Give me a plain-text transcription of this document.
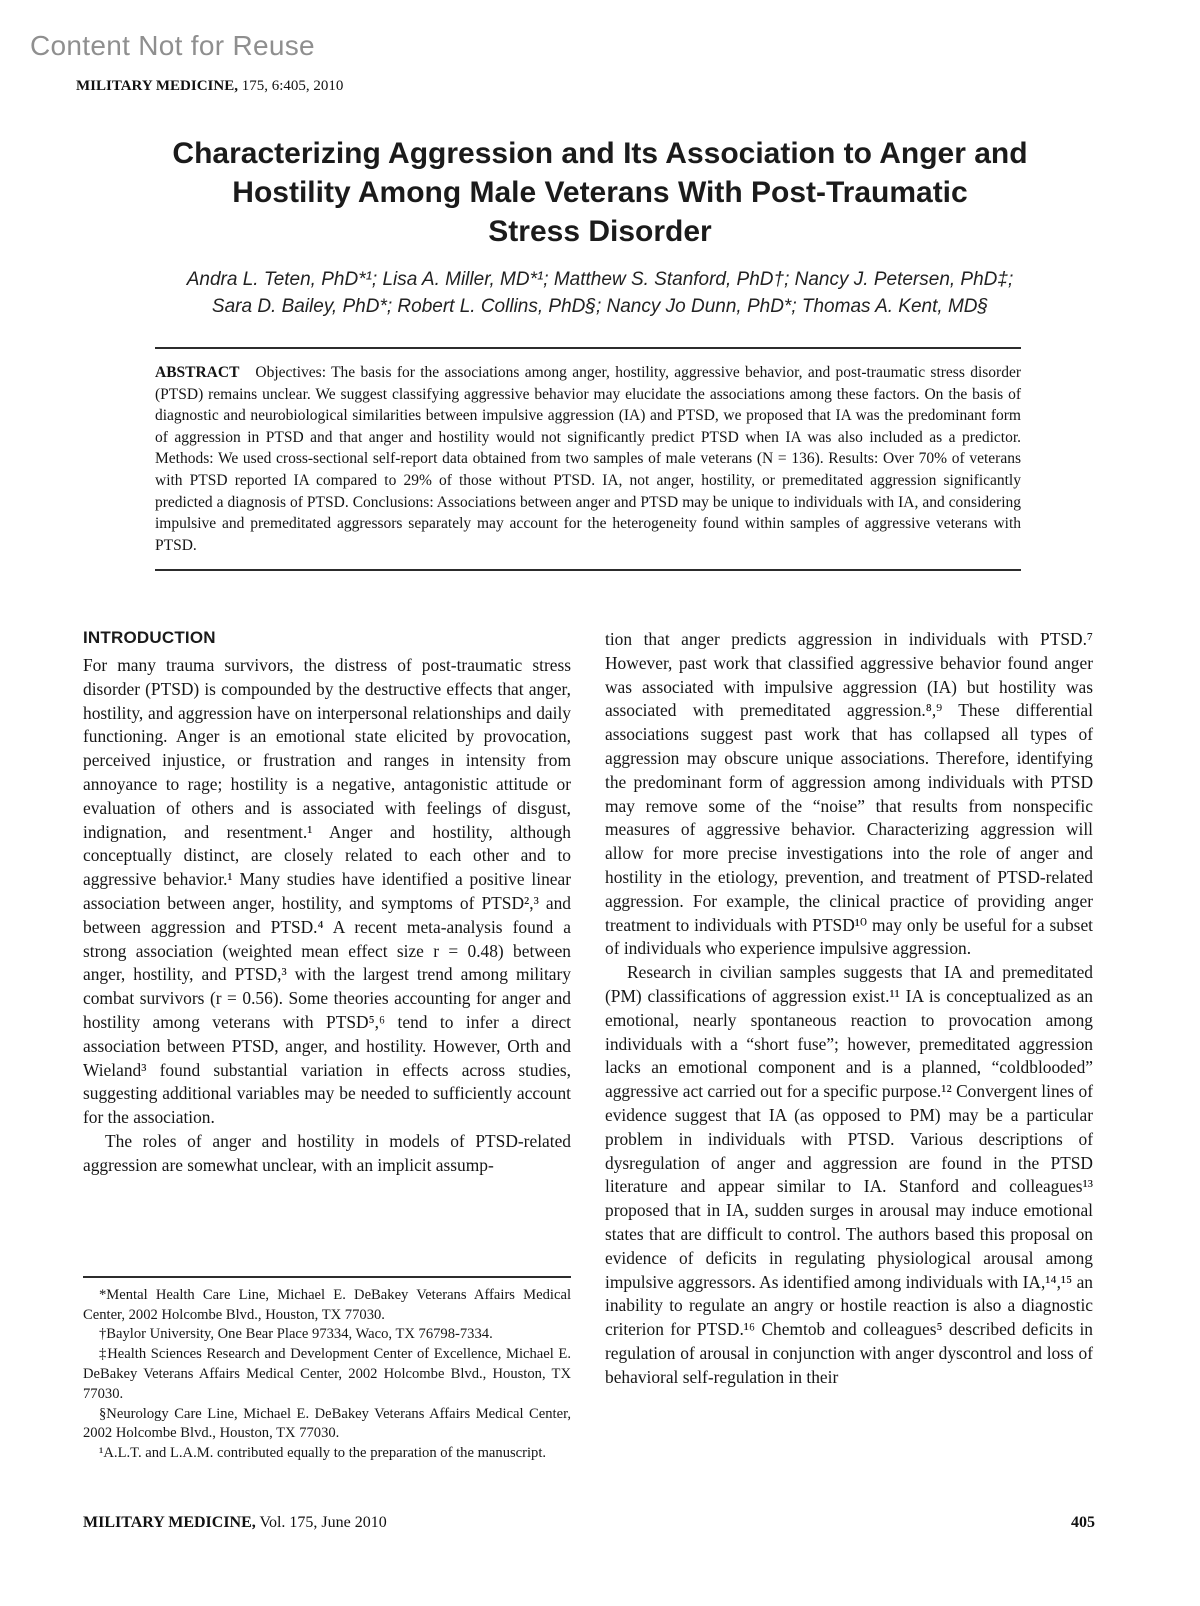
Content Not for Reuse
MILITARY MEDICINE, 175, 6:405, 2010
Characterizing Aggression and Its Association to Anger and
Hostility Among Male Veterans With Post-Traumatic
Stress Disorder
Andra L. Teten, PhD*¹; Lisa A. Miller, MD*¹; Matthew S. Stanford, PhD†; Nancy J. Petersen, PhD‡;
Sara D. Bailey, PhD*; Robert L. Collins, PhD§; Nancy Jo Dunn, PhD*; Thomas A. Kent, MD§

ABSTRACT Objectives: The basis for the associations among anger, hostility, aggressive behavior, and post-traumatic stress disorder (PTSD) remains unclear. We suggest classifying aggressive behavior may elucidate the associations among these factors. On the basis of diagnostic and neurobiological similarities between impulsive aggression (IA) and PTSD, we proposed that IA was the predominant form of aggression in PTSD and that anger and hostility would not significantly predict PTSD when IA was also included as a predictor. Methods: We used cross-sectional self-report data obtained from two samples of male veterans (N = 136). Results: Over 70% of veterans with PTSD reported IA compared to 29% of those without PTSD. IA, not anger, hostility, or premeditated aggression significantly predicted a diagnosis of PTSD. Conclusions: Associations between anger and PTSD may be unique to individuals with IA, and considering impulsive and premeditated aggressors separately may account for the heterogeneity found within samples of aggressive veterans with PTSD.

INTRODUCTION

For many trauma survivors, the distress of post-traumatic stress disorder (PTSD) is compounded by the destructive effects that anger, hostility, and aggression have on interpersonal relationships and daily functioning. Anger is an emotional state elicited by provocation, perceived injustice, or frustration and ranges in intensity from annoyance to rage; hostility is a negative, antagonistic attitude or evaluation of others and is associated with feelings of disgust, indignation, and resentment.¹ Anger and hostility, although conceptually distinct, are closely related to each other and to aggressive behavior.¹ Many studies have identified a positive linear association between anger, hostility, and symptoms of PTSD²,³ and between aggression and PTSD.⁴ A recent meta-analysis found a strong association (weighted mean effect size r = 0.48) between anger, hostility, and PTSD,³ with the largest trend among military combat survivors (r = 0.56). Some theories accounting for anger and hostility among veterans with PTSD⁵,⁶ tend to infer a direct association between PTSD, anger, and hostility. However, Orth and Wieland³ found substantial variation in effects across studies, suggesting additional variables may be needed to sufficiently account for the association.

The roles of anger and hostility in models of PTSD-related aggression are somewhat unclear, with an implicit assump-

*Mental Health Care Line, Michael E. DeBakey Veterans Affairs Medical Center, 2002 Holcombe Blvd., Houston, TX 77030.

†Baylor University, One Bear Place 97334, Waco, TX 76798-7334.

‡Health Sciences Research and Development Center of Excellence, Michael E. DeBakey Veterans Affairs Medical Center, 2002 Holcombe Blvd., Houston, TX 77030.

§Neurology Care Line, Michael E. DeBakey Veterans Affairs Medical Center, 2002 Holcombe Blvd., Houston, TX 77030.

¹A.L.T. and L.A.M. contributed equally to the preparation of the manuscript.

tion that anger predicts aggression in individuals with PTSD.⁷ However, past work that classified aggressive behavior found anger was associated with impulsive aggression (IA) but hostility was associated with premeditated aggression.⁸,⁹ These differential associations suggest past work that has collapsed all types of aggression may obscure unique associations. Therefore, identifying the predominant form of aggression among individuals with PTSD may remove some of the “noise” that results from nonspecific measures of aggressive behavior. Characterizing aggression will allow for more precise investigations into the role of anger and hostility in the etiology, prevention, and treatment of PTSD-related aggression. For example, the clinical practice of providing anger treatment to individuals with PTSD¹⁰ may only be useful for a subset of individuals who experience impulsive aggression.

Research in civilian samples suggests that IA and premeditated (PM) classifications of aggression exist.¹¹ IA is conceptualized as an emotional, nearly spontaneous reaction to provocation among individuals with a “short fuse”; however, premeditated aggression lacks an emotional component and is a planned, “coldblooded” aggressive act carried out for a specific purpose.¹² Convergent lines of evidence suggest that IA (as opposed to PM) may be a particular problem in individuals with PTSD. Various descriptions of dysregulation of anger and aggression are found in the PTSD literature and appear similar to IA. Stanford and colleagues¹³ proposed that in IA, sudden surges in arousal may induce emotional states that are difficult to control. The authors based this proposal on evidence of deficits in regulating physiological arousal among impulsive aggressors. As identified among individuals with IA,¹⁴,¹⁵ an inability to regulate an angry or hostile reaction is also a diagnostic criterion for PTSD.¹⁶ Chemtob and colleagues⁵ described deficits in regulation of arousal in conjunction with anger dyscontrol and loss of behavioral self-regulation in their

MILITARY MEDICINE, Vol. 175, June 2010	405
